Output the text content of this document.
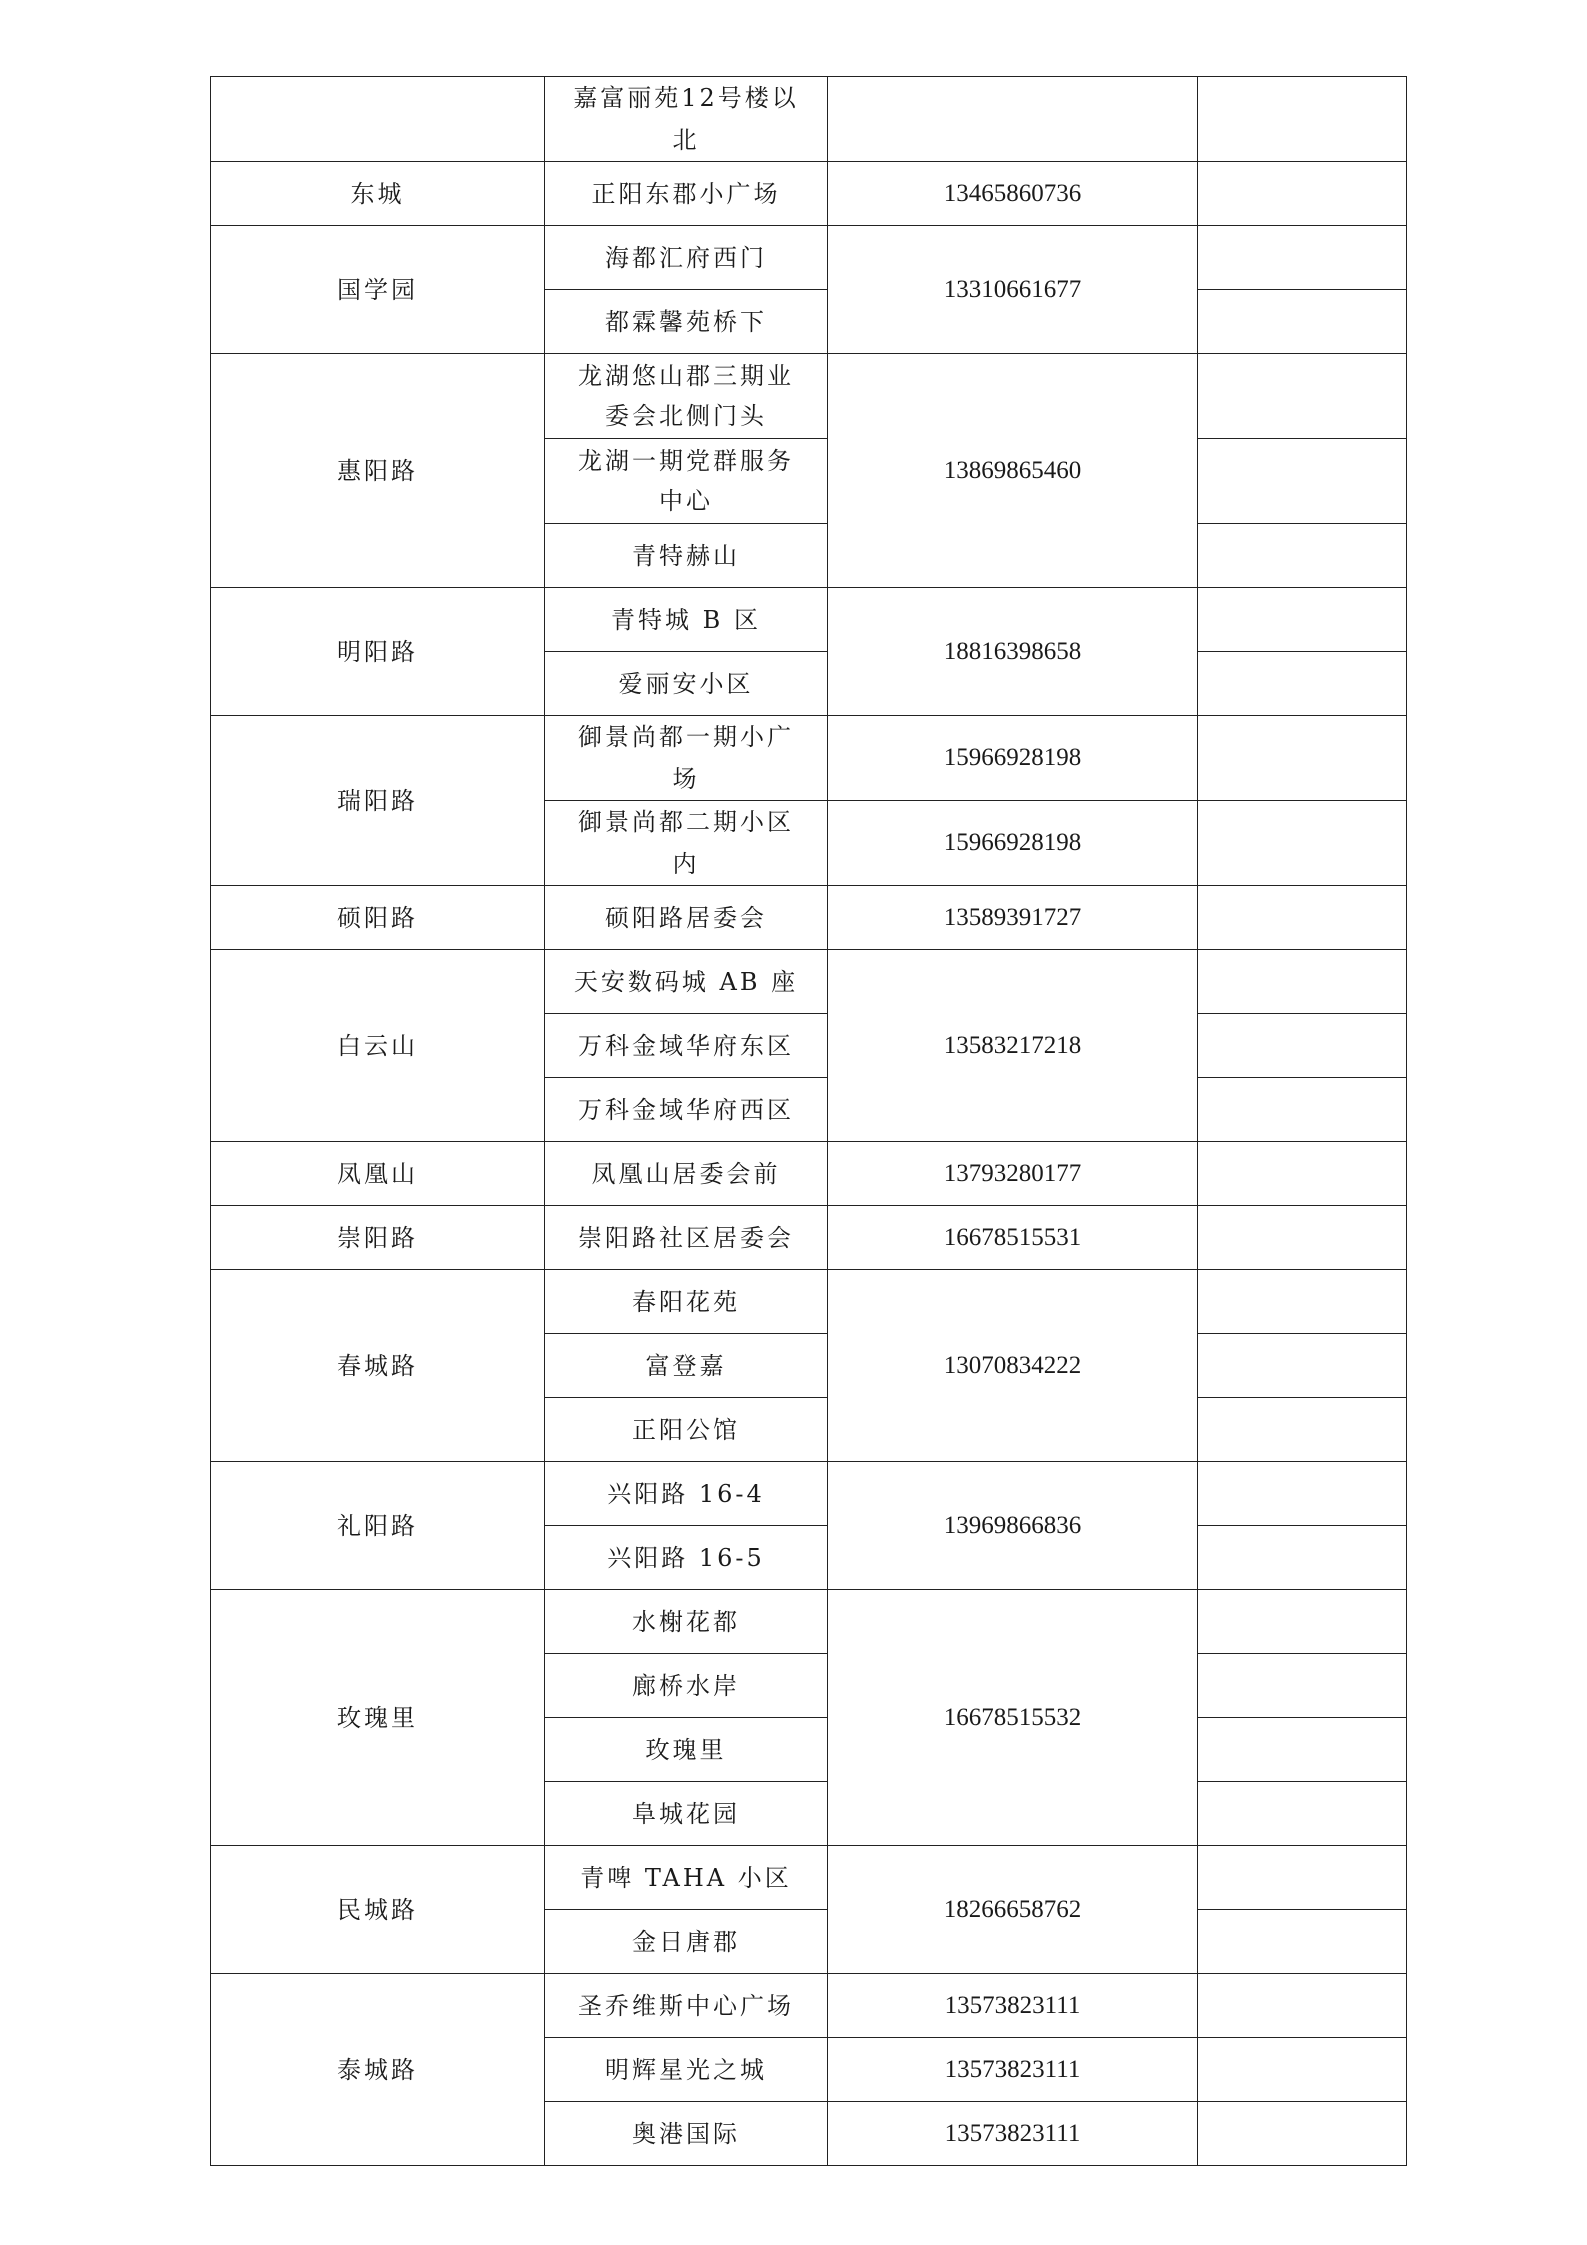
	嘉富丽苑12号楼以北		
东城	正阳东郡小广场	13465860736	
国学园	海都汇府西门	13310661677	
	都霖馨苑桥下		
惠阳路	龙湖悠山郡三期业委会北侧门头	13869865460	
	龙湖一期党群服务中心		
	青特赫山		
明阳路	青特城 B 区	18816398658	
	爱丽安小区		
瑞阳路	御景尚都一期小广场	15966928198	
	御景尚都二期小区内	15966928198	
硕阳路	硕阳路居委会	13589391727	
白云山	天安数码城 AB 座	13583217218	
	万科金域华府东区		
	万科金域华府西区		
凤凰山	凤凰山居委会前	13793280177	
崇阳路	崇阳路社区居委会	16678515531	
春城路	春阳花苑	13070834222	
	富登嘉		
	正阳公馆		
礼阳路	兴阳路 16-4	13969866836	
	兴阳路 16-5		
玫瑰里	水榭花都	16678515532	
	廊桥水岸		
	玫瑰里		
	阜城花园		
民城路	青啤 TAHA 小区	18266658762	
	金日唐郡		
泰城路	圣乔维斯中心广场	13573823111	
	明辉星光之城	13573823111	
	奥港国际	13573823111	
